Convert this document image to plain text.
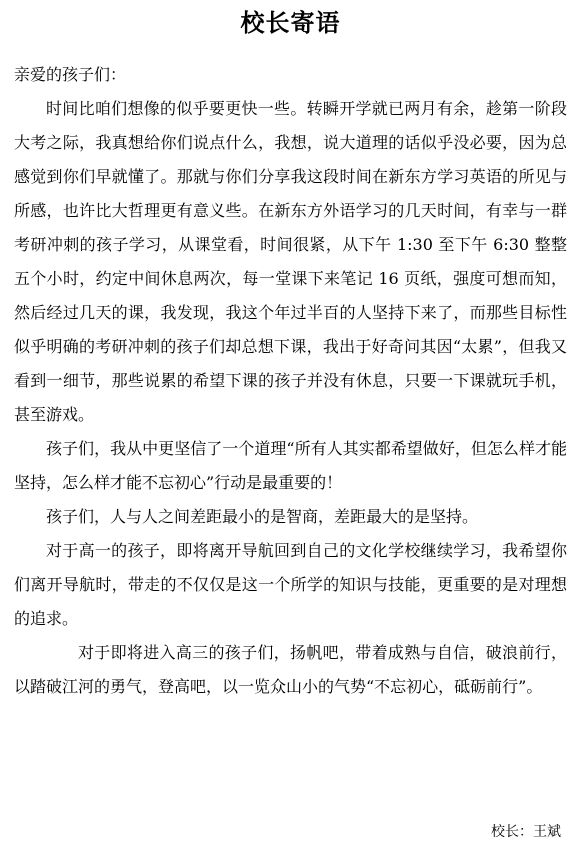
校长寄语

亲爱的孩子们：

时间比咱们想像的似乎要更快一些。转瞬开学就已两月有余，趁第一阶段大考之际，我真想给你们说点什么，我想，说大道理的话似乎没必要，因为总感觉到你们早就懂了。那就与你们分享我这段时间在新东方学习英语的所见与所感，也许比大哲理更有意义些。在新东方外语学习的几天时间，有幸与一群考研冲刺的孩子学习，从课堂看，时间很紧，从下午 1:30 至下午 6:30 整整五个小时，约定中间休息两次，每一堂课下来笔记 16 页纸，强度可想而知，然后经过几天的课，我发现，我这个年过半百的人坚持下来了，而那些目标性似乎明确的考研冲刺的孩子们却总想下课，我出于好奇问其因“太累”，但我又看到一细节，那些说累的希望下课的孩子并没有休息，只要一下课就玩手机，甚至游戏。

孩子们，我从中更坚信了一个道理“所有人其实都希望做好，但怎么样才能坚持，怎么样才能不忘初心”行动是最重要的！

孩子们，人与人之间差距最小的是智商，差距最大的是坚持。

对于高一的孩子，即将离开导航回到自己的文化学校继续学习，我希望你们离开导航时，带走的不仅仅是这一个所学的知识与技能，更重要的是对理想的追求。

对于即将进入高三的孩子们，扬帆吧，带着成熟与自信，破浪前行，以踏破江河的勇气，登高吧，以一览众山小的气势“不忘初心，砥砺前行”。

校长：王斌
